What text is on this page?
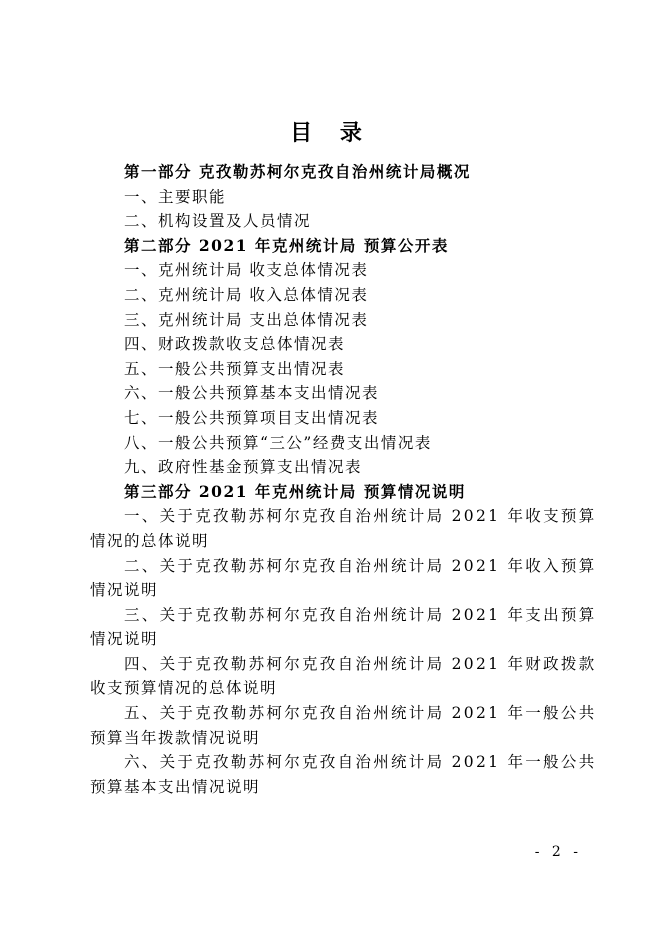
目 录
第一部分 克孜勒苏柯尔克孜自治州统计局概况
一、主要职能
二、机构设置及人员情况
第二部分 2021 年克州统计局 预算公开表
一、克州统计局 收支总体情况表
二、克州统计局 收入总体情况表
三、克州统计局 支出总体情况表
四、财政拨款收支总体情况表
五、一般公共预算支出情况表
六、一般公共预算基本支出情况表
七、一般公共预算项目支出情况表
八、一般公共预算“三公”经费支出情况表
九、政府性基金预算支出情况表
第三部分 2021 年克州统计局 预算情况说明
一、关于克孜勒苏柯尔克孜自治州统计局 2021 年收支预算
情况的总体说明
二、关于克孜勒苏柯尔克孜自治州统计局 2021 年收入预算
情况说明
三、关于克孜勒苏柯尔克孜自治州统计局 2021 年支出预算
情况说明
四、关于克孜勒苏柯尔克孜自治州统计局 2021 年财政拨款
收支预算情况的总体说明
五、关于克孜勒苏柯尔克孜自治州统计局 2021 年一般公共
预算当年拨款情况说明
六、关于克孜勒苏柯尔克孜自治州统计局 2021 年一般公共
预算基本支出情况说明
- 2 -
